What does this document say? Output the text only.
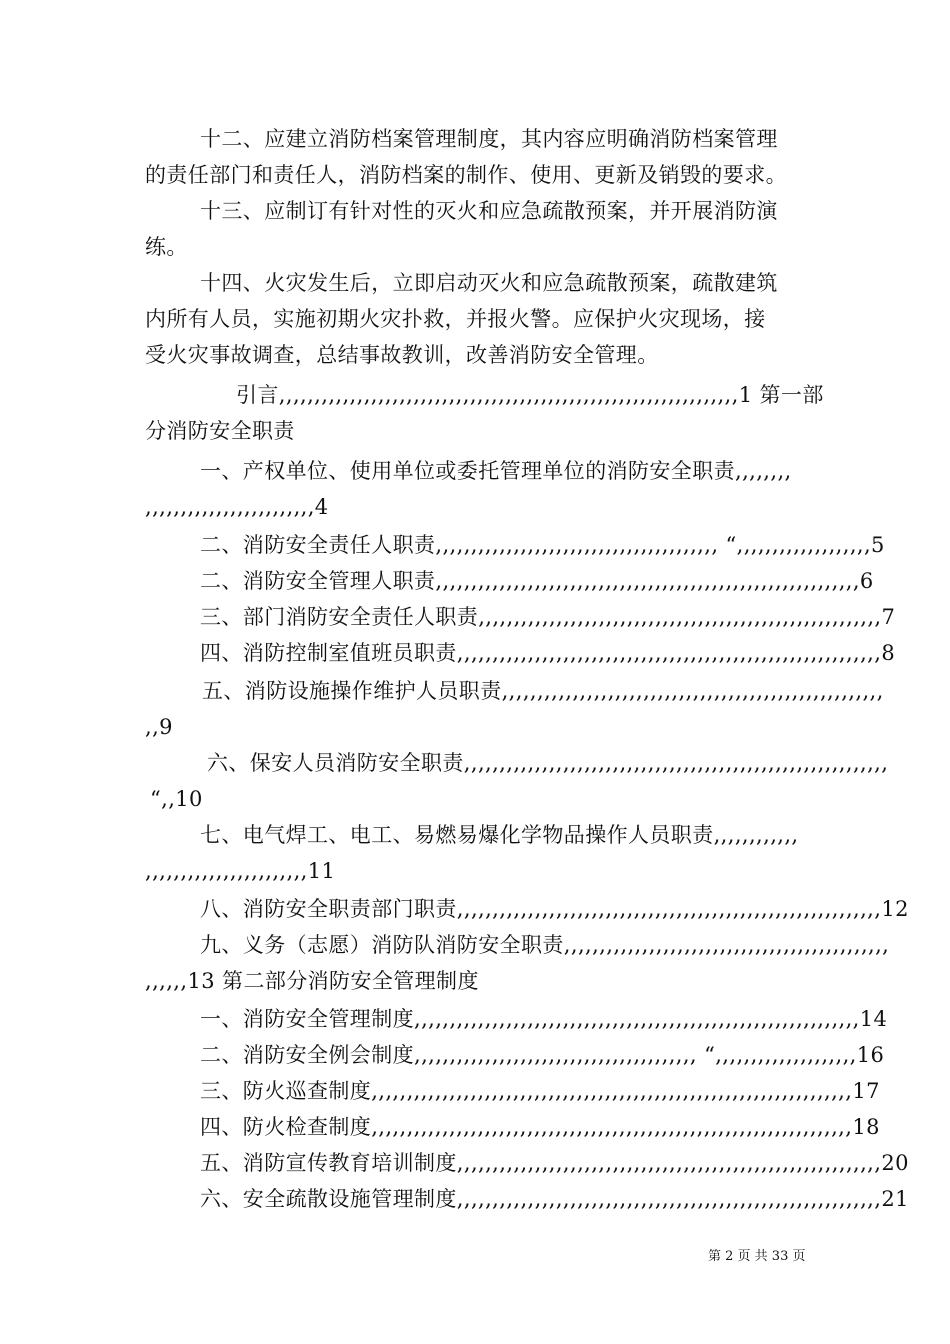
十二、应建立消防档案管理制度，其内容应明确消防档案管理
的责任部门和责任人，消防档案的制作、使用、更新及销毁的要求。
十三、应制订有针对性的灭火和应急疏散预案，并开展消防演
练。
十四、火灾发生后，立即启动灭火和应急疏散预案，疏散建筑
内所有人员，实施初期火灾扑救，并报火警。应保护火灾现场，接
受火灾事故调查，总结事故教训，改善消防安全管理。
引言,,,,,,,,,,,,,,,,,,,,,,,,,,,,,,,,,,,,,,,,,,,,,,,,,,,,,,,,,,,,,,,,,1 第一部
分消防安全职责
一、产权单位、使用单位或委托管理单位的消防安全职责,,,,,,,,
,,,,,,,,,,,,,,,,,,,,,,,,4
二、消防安全责任人职责,,,,,,,,,,,,,,,,,,,,,,,,,,,,,,,,,,,,,,,, “,,,,,,,,,,,,,,,,,,,5
二、消防安全管理人职责,,,,,,,,,,,,,,,,,,,,,,,,,,,,,,,,,,,,,,,,,,,,,,,,,,,,,,,,,,,,6
三、部门消防安全责任人职责,,,,,,,,,,,,,,,,,,,,,,,,,,,,,,,,,,,,,,,,,,,,,,,,,,,,,,,,,7
四、消防控制室值班员职责,,,,,,,,,,,,,,,,,,,,,,,,,,,,,,,,,,,,,,,,,,,,,,,,,,,,,,,,,,,,8
五、消防设施操作维护人员职责,,,,,,,,,,,,,,,,,,,,,,,,,,,,,,,,,,,,,,,,,,,,,,,,,,,,,,
,,9
六、保安人员消防安全职责,,,,,,,,,,,,,,,,,,,,,,,,,,,,,,,,,,,,,,,,,,,,,,,,,,,,,,,,,,,,
“,,10
七、电气焊工、电工、易燃易爆化学物品操作人员职责,,,,,,,,,,,,
,,,,,,,,,,,,,,,,,,,,,,,11
八、消防安全职责部门职责,,,,,,,,,,,,,,,,,,,,,,,,,,,,,,,,,,,,,,,,,,,,,,,,,,,,,,,,,,,,12
九、义务（志愿）消防队消防安全职责,,,,,,,,,,,,,,,,,,,,,,,,,,,,,,,,,,,,,,,,,,,,,,
,,,,,,13 第二部分消防安全管理制度
一、消防安全管理制度,,,,,,,,,,,,,,,,,,,,,,,,,,,,,,,,,,,,,,,,,,,,,,,,,,,,,,,,,,,,,,,14
二、消防安全例会制度,,,,,,,,,,,,,,,,,,,,,,,,,,,,,,,,,,,,,,,, “,,,,,,,,,,,,,,,,,,,,16
三、防火巡查制度,,,,,,,,,,,,,,,,,,,,,,,,,,,,,,,,,,,,,,,,,,,,,,,,,,,,,,,,,,,,,,,,,,,,17
四、防火检查制度,,,,,,,,,,,,,,,,,,,,,,,,,,,,,,,,,,,,,,,,,,,,,,,,,,,,,,,,,,,,,,,,,,,,18
五、消防宣传教育培训制度,,,,,,,,,,,,,,,,,,,,,,,,,,,,,,,,,,,,,,,,,,,,,,,,,,,,,,,,,,,,20
六、安全疏散设施管理制度,,,,,,,,,,,,,,,,,,,,,,,,,,,,,,,,,,,,,,,,,,,,,,,,,,,,,,,,,,,,21
第 2 页 共 33 页
